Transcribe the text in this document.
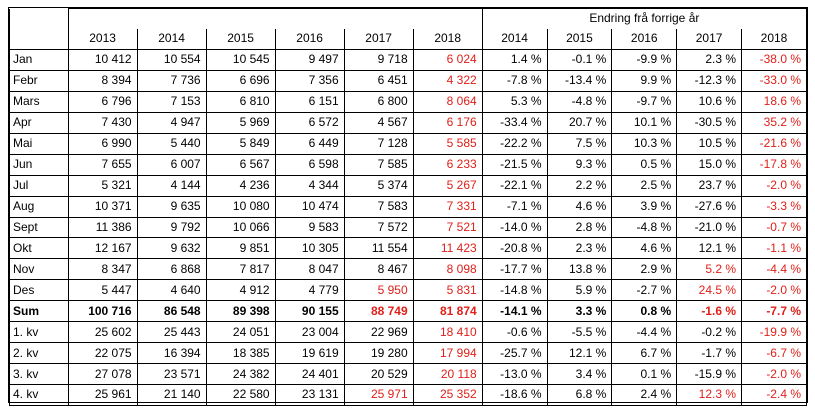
							Endring frå forrige år				
	2013	2014	2015	2016	2017	2018	2014	2015	2016	2017	2018
Jan	10 412	10 554	10 545	9 497	9 718	6 024	1.4 %	-0.1 %	-9.9 %	2.3 %	-38.0 %
Febr	8 394	7 736	6 696	7 356	6 451	4 322	-7.8 %	-13.4 %	9.9 %	-12.3 %	-33.0 %
Mars	6 796	7 153	6 810	6 151	6 800	8 064	5.3 %	-4.8 %	-9.7 %	10.6 %	18.6 %
Apr	7 430	4 947	5 969	6 572	4 567	6 176	-33.4 %	20.7 %	10.1 %	-30.5 %	35.2 %
Mai	6 990	5 440	5 849	6 449	7 128	5 585	-22.2 %	7.5 %	10.3 %	10.5 %	-21.6 %
Jun	7 655	6 007	6 567	6 598	7 585	6 233	-21.5 %	9.3 %	0.5 %	15.0 %	-17.8 %
Jul	5 321	4 144	4 236	4 344	5 374	5 267	-22.1 %	2.2 %	2.5 %	23.7 %	-2.0 %
Aug	10 371	9 635	10 080	10 474	7 583	7 331	-7.1 %	4.6 %	3.9 %	-27.6 %	-3.3 %
Sept	11 386	9 792	10 066	9 583	7 572	7 521	-14.0 %	2.8 %	-4.8 %	-21.0 %	-0.7 %
Okt	12 167	9 632	9 851	10 305	11 554	11 423	-20.8 %	2.3 %	4.6 %	12.1 %	-1.1 %
Nov	8 347	6 868	7 817	8 047	8 467	8 098	-17.7 %	13.8 %	2.9 %	5.2 %	-4.4 %
Des	5 447	4 640	4 912	4 779	5 950	5 831	-14.8 %	5.9 %	-2.7 %	24.5 %	-2.0 %
Sum	100 716	86 548	89 398	90 155	88 749	81 874	-14.1 %	3.3 %	0.8 %	-1.6 %	-7.7 %
1. kv	25 602	25 443	24 051	23 004	22 969	18 410	-0.6 %	-5.5 %	-4.4 %	-0.2 %	-19.9 %
2. kv	22 075	16 394	18 385	19 619	19 280	17 994	-25.7 %	12.1 %	6.7 %	-1.7 %	-6.7 %
3. kv	27 078	23 571	24 382	24 401	20 529	20 118	-13.0 %	3.4 %	0.1 %	-15.9 %	-2.0 %
4. kv	25 961	21 140	22 580	23 131	25 971	25 352	-18.6 %	6.8 %	2.4 %	12.3 %	-2.4 %
